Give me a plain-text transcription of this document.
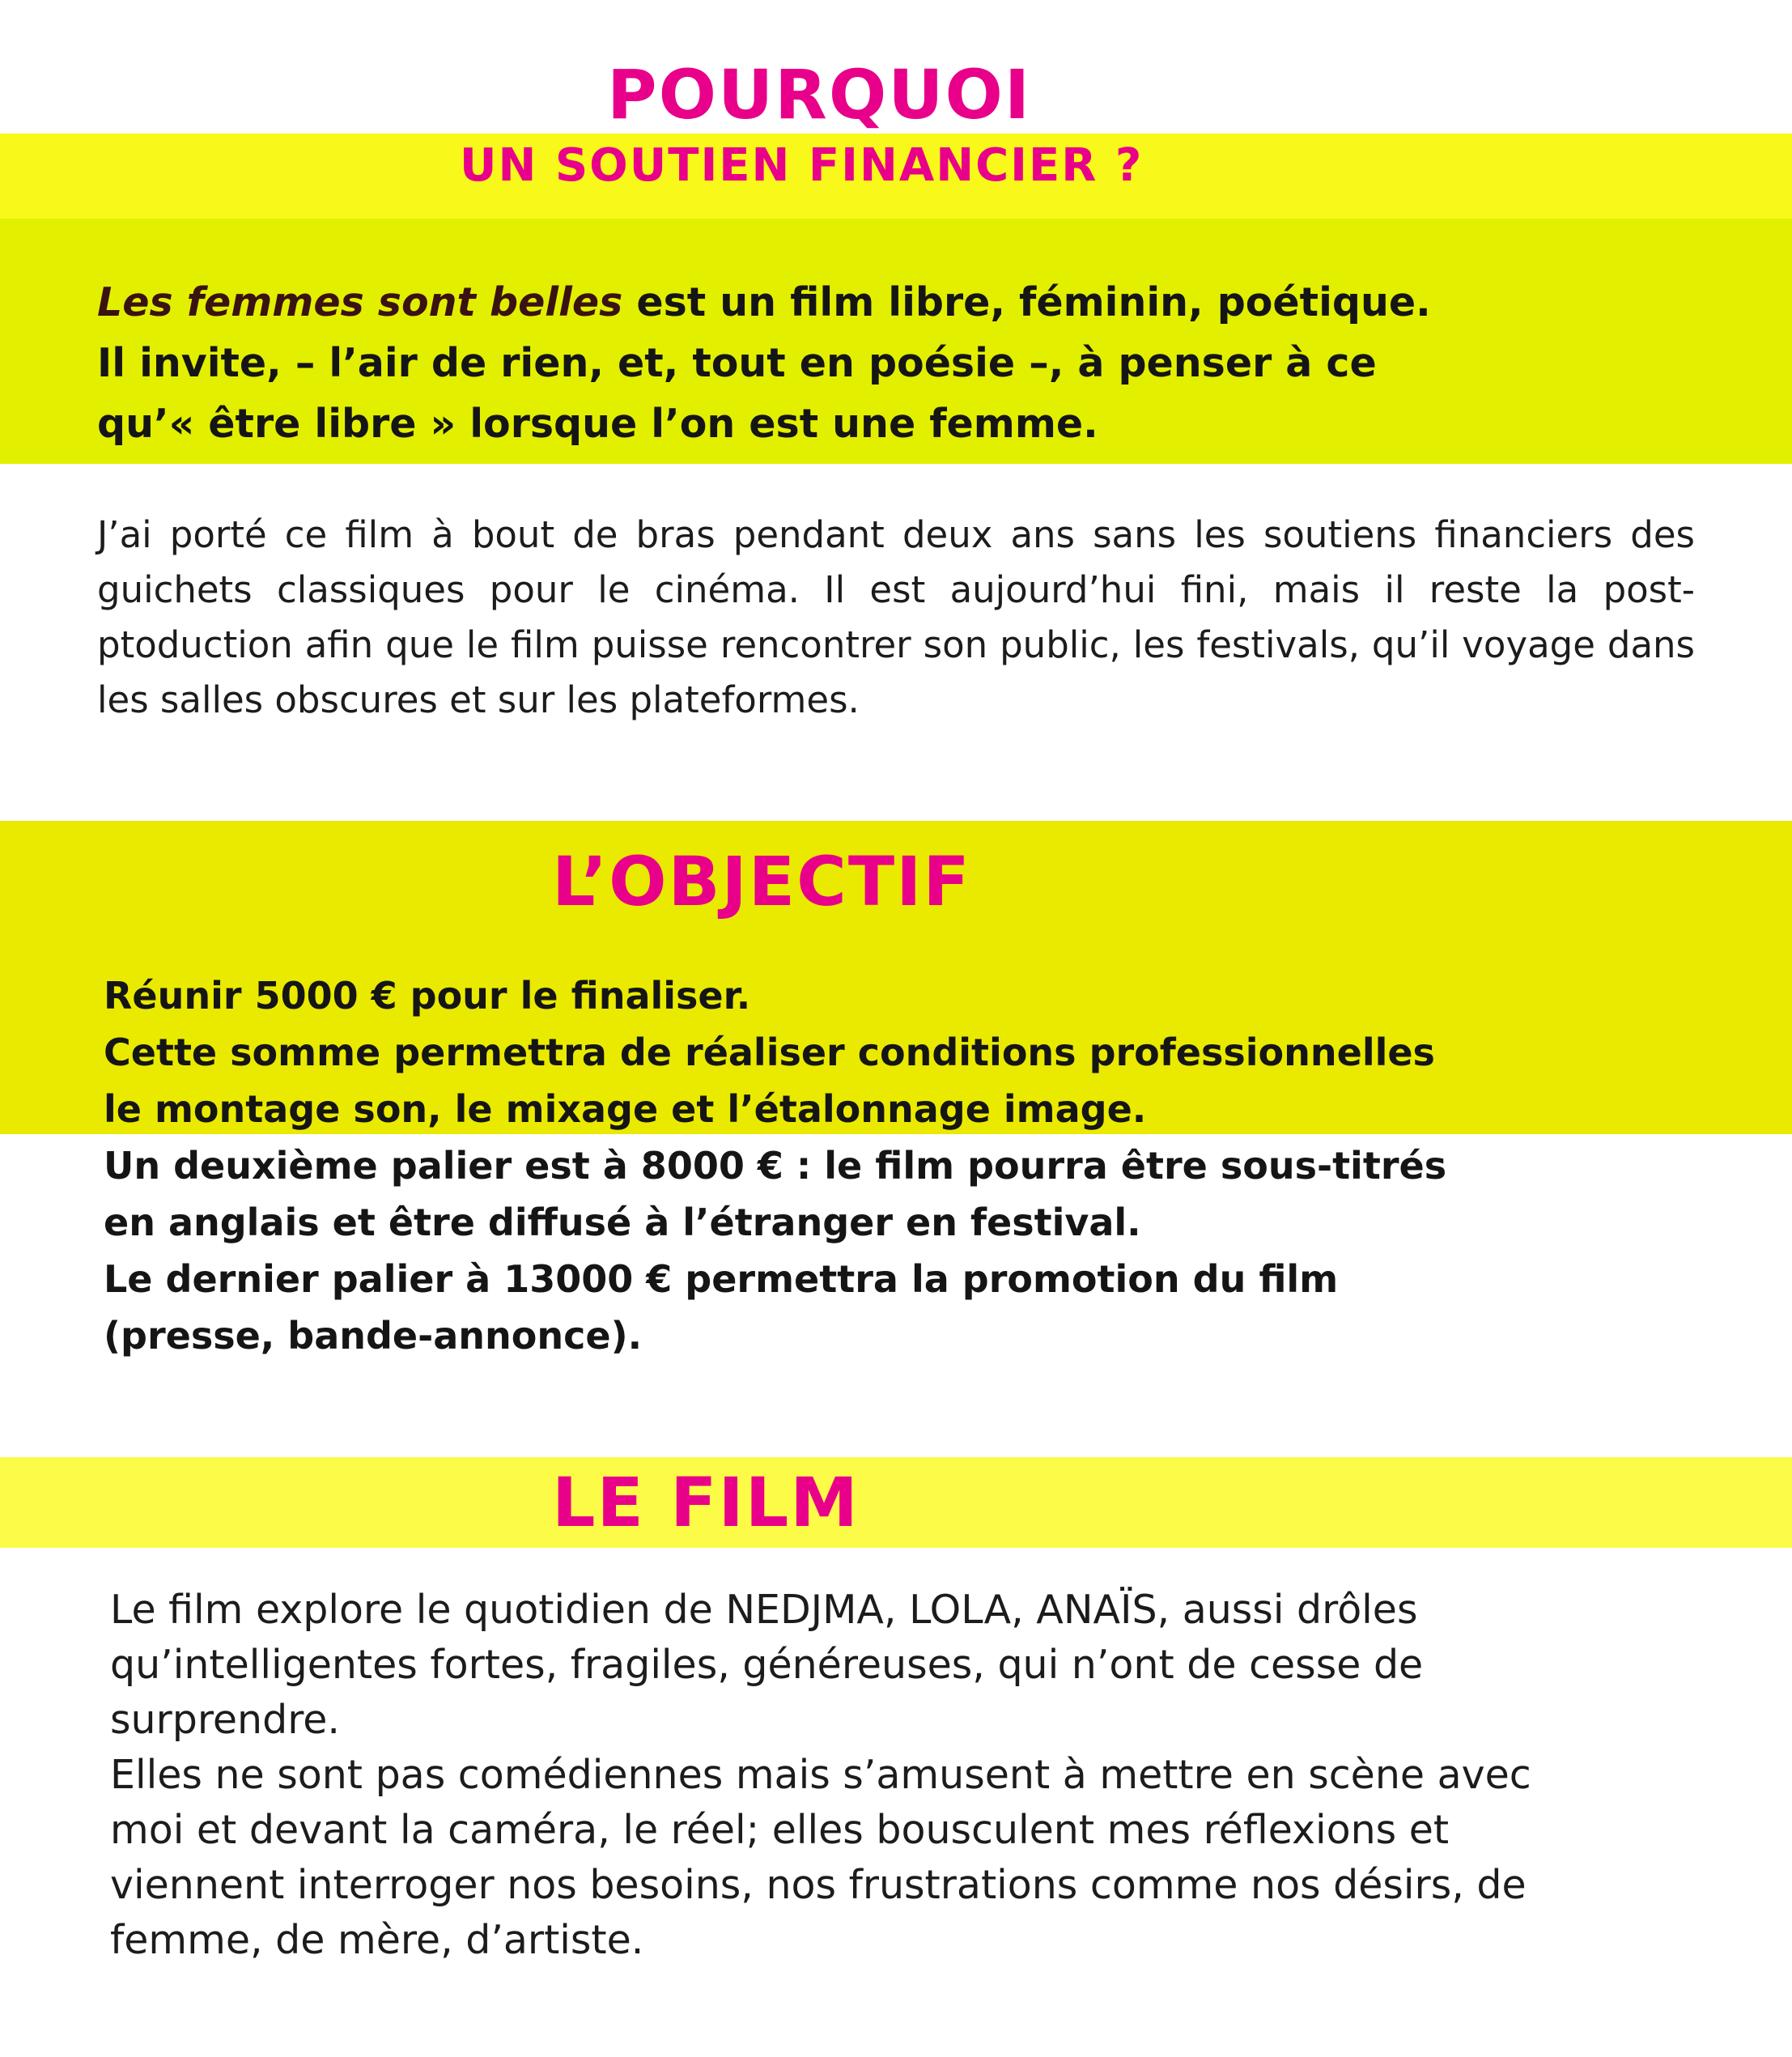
POURQUOI
UN SOUTIEN FINANCIER ?
Les femmes sont belles est un film libre, féminin, poétique.
Il invite, – l’air de rien, et, tout en poésie –, à penser à ce
qu’« être libre » lorsque l’on est une femme.

J’ai porté ce film à bout de bras pendant deux ans sans les soutiens financiers des guichets classiques pour le cinéma. Il est aujourd’hui fini, mais il reste la post-ptoduction afin que le film puisse rencontrer son public, les festivals, qu’il voyage dans les salles obscures et sur les plateformes.

L’OBJECTIF
Réunir 5000 € pour le finaliser.
Cette somme permettra de réaliser conditions professionnelles
le montage son, le mixage et l’étalonnage image.
Un deuxième palier est à 8000 € : le film pourra être sous-titrés
en anglais et être diffusé à l’étranger en festival.
Le dernier palier à 13000 € permettra la promotion du film
(presse, bande-annonce).
LE FILM
Le film explore le quotidien de NEDJMA, LOLA, ANAÏS, aussi drôles
qu’intelligentes fortes, fragiles, généreuses, qui n’ont de cesse de
surprendre.
Elles ne sont pas comédiennes mais s’amusent à mettre en scène avec
moi et devant la caméra, le réel; elles bousculent mes réflexions et
viennent interroger nos besoins, nos frustrations comme nos désirs, de
femme, de mère, d’artiste.
